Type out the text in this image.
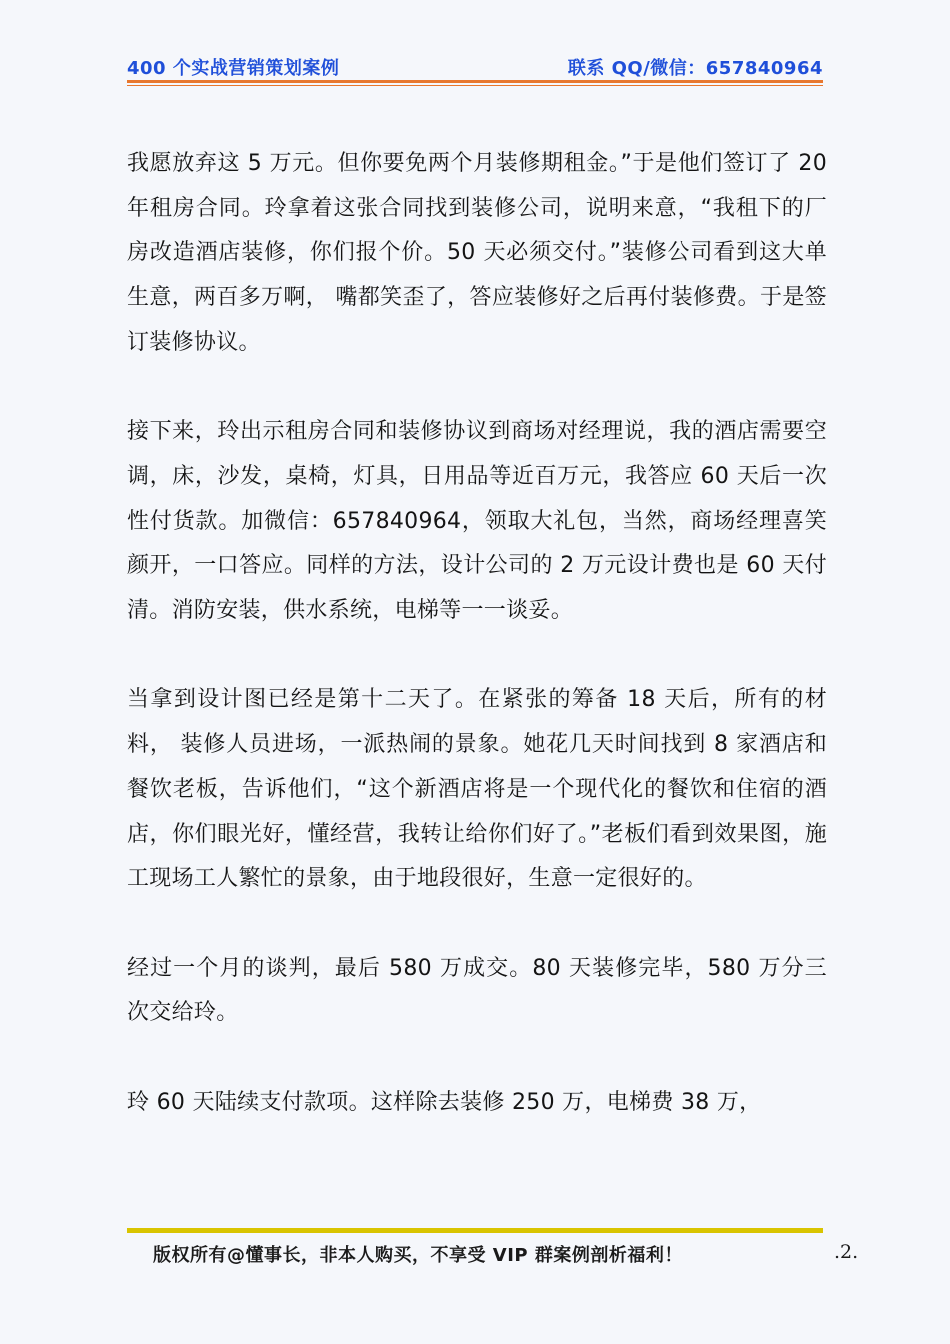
400 个实战营销策划案例	联系 QQ/微信：657840964

我愿放弃这 5 万元。但你要免两个月装修期租金。”于是他们签订了 20 年租房合同。玲拿着这张合同找到装修公司，说明来意，“我租下的厂房改造酒店装修，你们报个价。50 天必须交付。”装修公司看到这大单生意，两百多万啊， 嘴都笑歪了，答应装修好之后再付装修费。于是签订装修协议。

接下来，玲出示租房合同和装修协议到商场对经理说，我的酒店需要空调，床，沙发，桌椅，灯具，日用品等近百万元，我答应 60 天后一次性付货款。加微信：657840964，领取大礼包，当然，商场经理喜笑颜开，一口答应。同样的方法，设计公司的 2 万元设计费也是 60 天付清。消防安装，供水系统，电梯等一一谈妥。

当拿到设计图已经是第十二天了。在紧张的筹备 18 天后，所有的材料， 装修人员进场，一派热闹的景象。她花几天时间找到 8 家酒店和餐饮老板，告诉他们，“这个新酒店将是一个现代化的餐饮和住宿的酒店，你们眼光好，懂经营，我转让给你们好了。”老板们看到效果图，施工现场工人繁忙的景象，由于地段很好，生意一定很好的。

经过一个月的谈判，最后 580 万成交。80 天装修完毕，580 万分三次交给玲。

玲 60 天陆续支付款项。这样除去装修 250 万，电梯费 38 万，

版权所有@懂事长，非本人购买，不享受 VIP 群案例剖析福利！	.2.
